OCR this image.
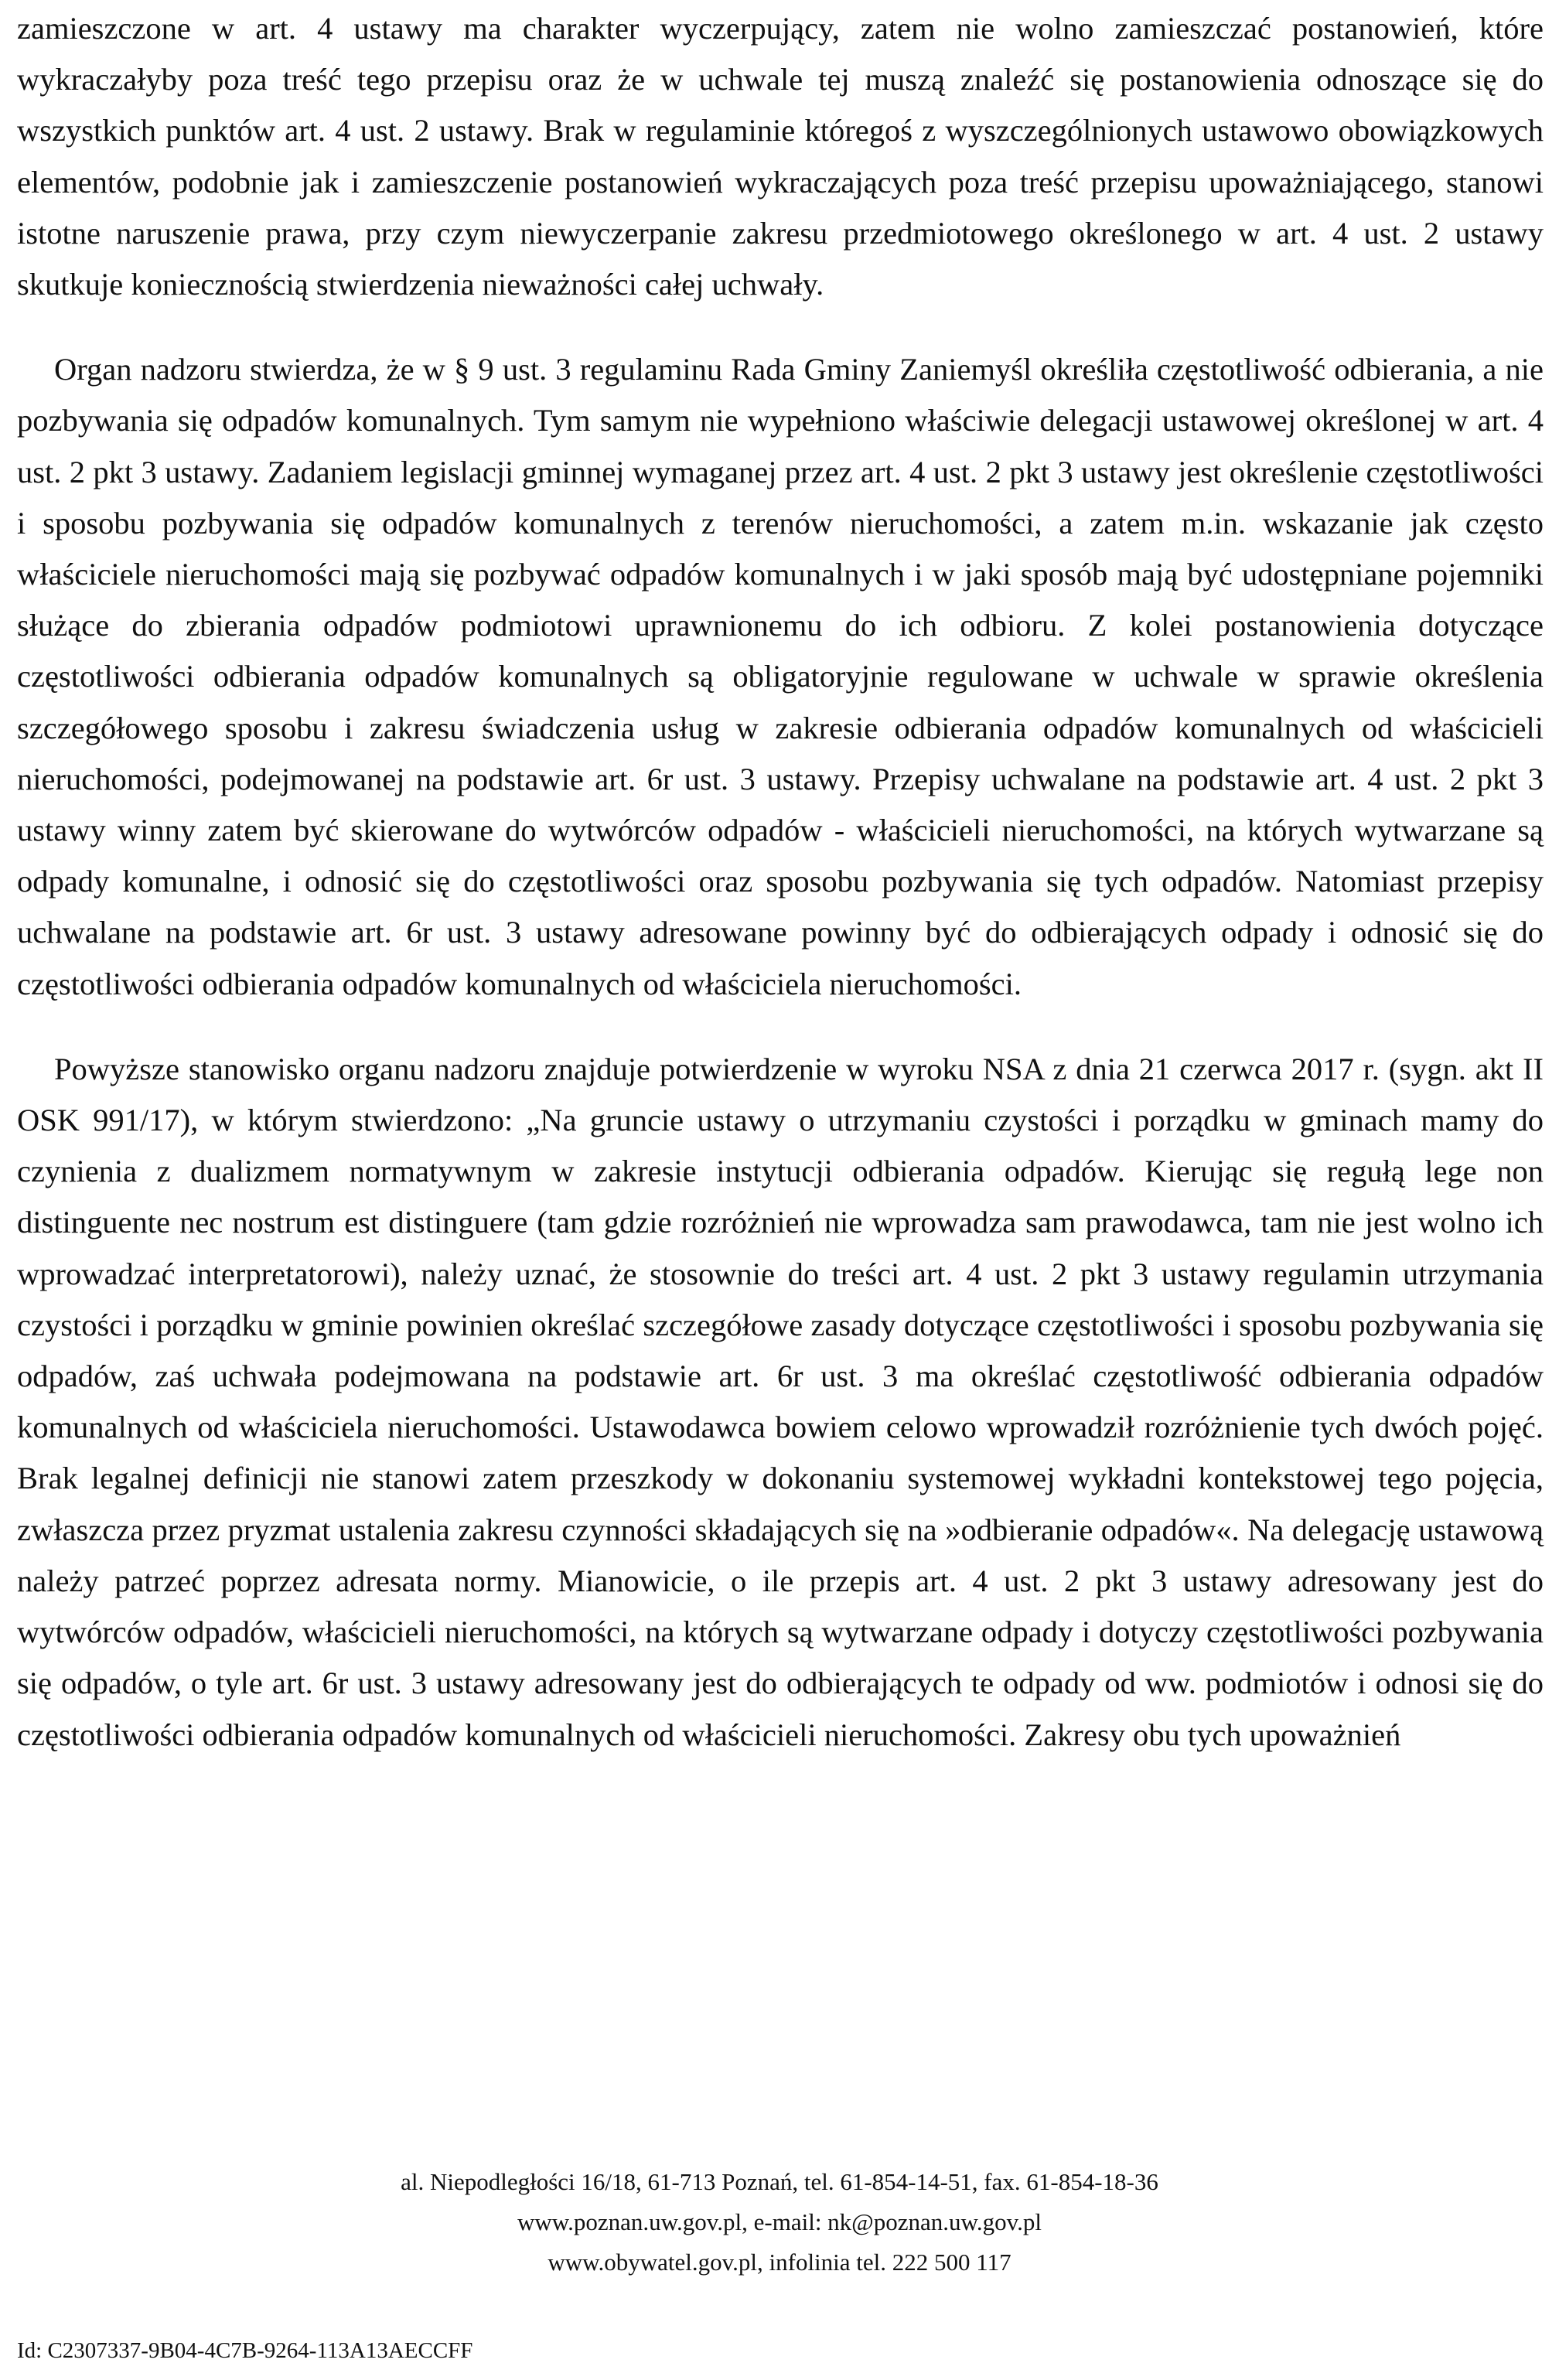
zamieszczone w art. 4 ustawy ma charakter wyczerpujący, zatem nie wolno zamieszczać postanowień, które wykraczałyby poza treść tego przepisu oraz że w uchwale tej muszą znaleźć się postanowienia odnoszące się do wszystkich punktów art. 4 ust. 2 ustawy. Brak w regulaminie któregoś z wyszczególnionych ustawowo obowiązkowych elementów, podobnie jak i zamieszczenie postanowień wykraczających poza treść przepisu upoważniającego, stanowi istotne naruszenie prawa, przy czym niewyczerpanie zakresu przedmiotowego określonego w art. 4 ust. 2 ustawy skutkuje koniecznością stwierdzenia nieważności całej uchwały.

Organ nadzoru stwierdza, że w § 9 ust. 3 regulaminu Rada Gminy Zaniemyśl określiła częstotliwość odbierania, a nie pozbywania się odpadów komunalnych. Tym samym nie wypełniono właściwie delegacji ustawowej określonej w art. 4 ust. 2 pkt 3 ustawy. Zadaniem legislacji gminnej wymaganej przez art. 4 ust. 2 pkt 3 ustawy jest określenie częstotliwości i sposobu pozbywania się odpadów komunalnych z terenów nieruchomości, a zatem m.in. wskazanie jak często właściciele nieruchomości mają się pozbywać odpadów komunalnych i w jaki sposób mają być udostępniane pojemniki służące do zbierania odpadów podmiotowi uprawnionemu do ich odbioru. Z kolei postanowienia dotyczące częstotliwości odbierania odpadów komunalnych są obligatoryjnie regulowane w uchwale w sprawie określenia szczegółowego sposobu i zakresu świadczenia usług w zakresie odbierania odpadów komunalnych od właścicieli nieruchomości, podejmowanej na podstawie art. 6r ust. 3 ustawy. Przepisy uchwalane na podstawie art. 4 ust. 2 pkt 3 ustawy winny zatem być skierowane do wytwórców odpadów - właścicieli nieruchomości, na których wytwarzane są odpady komunalne, i odnosić się do częstotliwości oraz sposobu pozbywania się tych odpadów. Natomiast przepisy uchwalane na podstawie art. 6r ust. 3 ustawy adresowane powinny być do odbierających odpady i odnosić się do częstotliwości odbierania odpadów komunalnych od właściciela nieruchomości.

Powyższe stanowisko organu nadzoru znajduje potwierdzenie w wyroku NSA z dnia 21 czerwca 2017 r. (sygn. akt II OSK 991/17), w którym stwierdzono: „Na gruncie ustawy o utrzymaniu czystości i porządku w gminach mamy do czynienia z dualizmem normatywnym w zakresie instytucji odbierania odpadów. Kierując się regułą lege non distinguente nec nostrum est distinguere (tam gdzie rozróżnień nie wprowadza sam prawodawca, tam nie jest wolno ich wprowadzać interpretatorowi), należy uznać, że stosownie do treści art. 4 ust. 2 pkt 3 ustawy regulamin utrzymania czystości i porządku w gminie powinien określać szczegółowe zasady dotyczące częstotliwości i sposobu pozbywania się odpadów, zaś uchwała podejmowana na podstawie art. 6r ust. 3 ma określać częstotliwość odbierania odpadów komunalnych od właściciela nieruchomości. Ustawodawca bowiem celowo wprowadził rozróżnienie tych dwóch pojęć. Brak legalnej definicji nie stanowi zatem przeszkody w dokonaniu systemowej wykładni kontekstowej tego pojęcia, zwłaszcza przez pryzmat ustalenia zakresu czynności składających się na »odbieranie odpadów«. Na delegację ustawową należy patrzeć poprzez adresata normy. Mianowicie, o ile przepis art. 4 ust. 2 pkt 3 ustawy adresowany jest do wytwórców odpadów, właścicieli nieruchomości, na których są wytwarzane odpady i dotyczy częstotliwości pozbywania się odpadów, o tyle art. 6r ust. 3 ustawy adresowany jest do odbierających te odpady od ww. podmiotów i odnosi się do częstotliwości odbierania odpadów komunalnych od właścicieli nieruchomości. Zakresy obu tych upoważnień

al. Niepodległości 16/18, 61-713 Poznań, tel. 61-854-14-51, fax. 61-854-18-36
www.poznan.uw.gov.pl, e-mail: nk@poznan.uw.gov.pl
www.obywatel.gov.pl, infolinia tel. 222 500 117
Id: C2307337-9B04-4C7B-9264-113A13AECCFF
